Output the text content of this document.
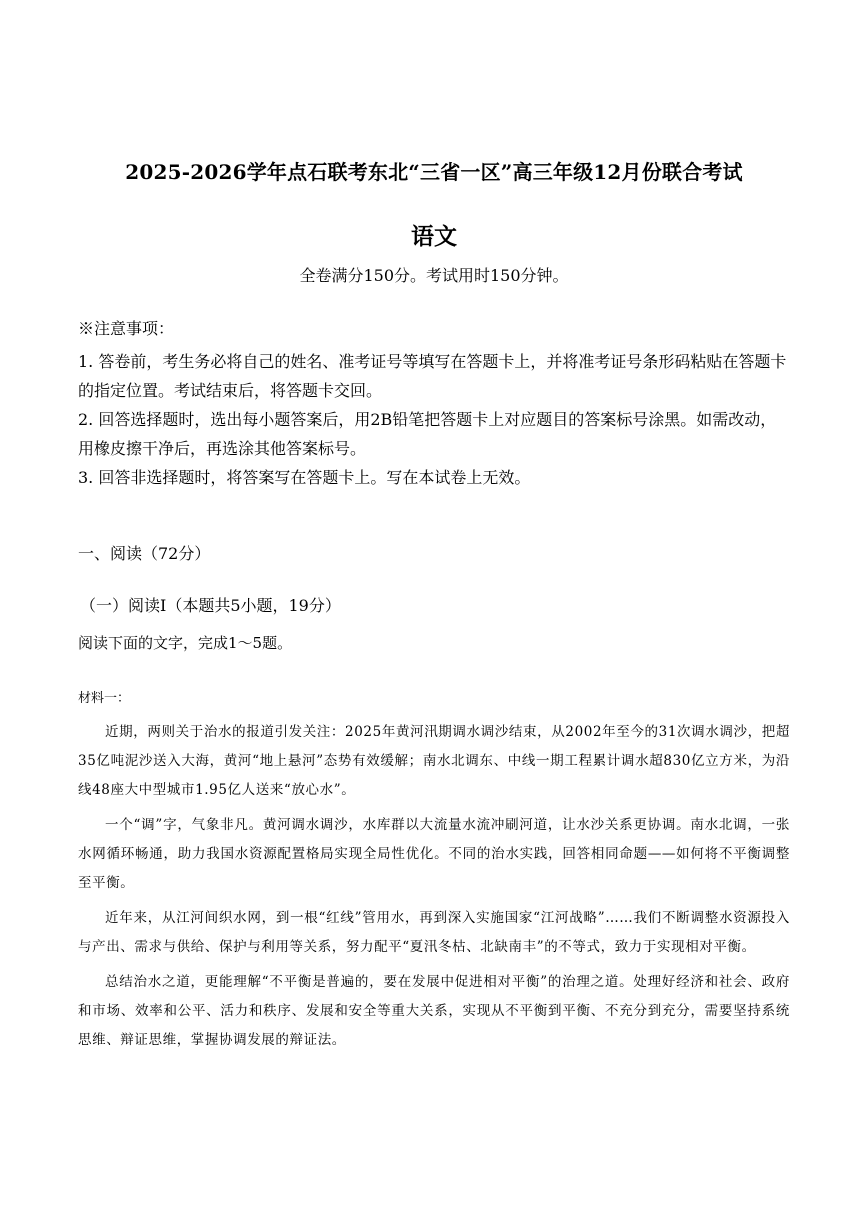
2025-2026学年点石联考东北“三省一区”高三年级12月份联合考试
语文
全卷满分150分。考试用时150分钟。
※注意事项：

1. 答卷前，考生务必将自己的姓名、准考证号等填写在答题卡上，并将准考证号条形码粘贴在答题卡的指定位置。考试结束后，将答题卡交回。

2. 回答选择题时，选出每小题答案后，用2B铅笔把答题卡上对应题目的答案标号涂黑。如需改动，用橡皮擦干净后，再选涂其他答案标号。

3. 回答非选择题时，将答案写在答题卡上。写在本试卷上无效。

一、阅读（72分）
（一）阅读Ⅰ（本题共5小题，19分）
阅读下面的文字，完成1～5题。
材料一：

近期，两则关于治水的报道引发关注：2025年黄河汛期调水调沙结束，从2002年至今的31次调水调沙，把超35亿吨泥沙送入大海，黄河“地上悬河”态势有效缓解；南水北调东、中线一期工程累计调水超830亿立方米，为沿线48座大中型城市1.95亿人送来“放心水”。

一个“调”字，气象非凡。黄河调水调沙，水库群以大流量水流冲刷河道，让水沙关系更协调。南水北调，一张水网循环畅通，助力我国水资源配置格局实现全局性优化。不同的治水实践，回答相同命题——如何将不平衡调整至平衡。

近年来，从江河间织水网，到一根“红线”管用水，再到深入实施国家“江河战略”……我们不断调整水资源投入与产出、需求与供给、保护与利用等关系，努力配平“夏汛冬枯、北缺南丰”的不等式，致力于实现相对平衡。

总结治水之道，更能理解“不平衡是普遍的，要在发展中促进相对平衡”的治理之道。处理好经济和社会、政府和市场、效率和公平、活力和秩序、发展和安全等重大关系，实现从不平衡到平衡、不充分到充分，需要坚持系统思维、辩证思维，掌握协调发展的辩证法。
